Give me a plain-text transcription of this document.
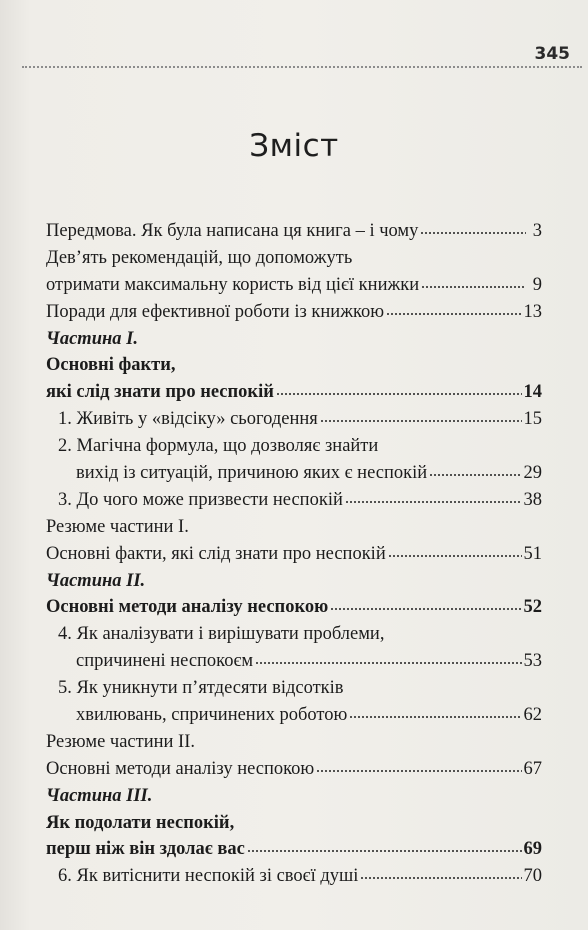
345
Зміст
Передмова. Як була написана ця книга – і чому	3
Дев’ять рекомендацій, що допоможуть
отримати максимальну користь від цієї книжки	9
Поради для ефективної роботи із книжкою	13
Частина I.
Основні факти,
які слід знати про неспокій	14
1. Живіть у «відсіку» сьогодення	15
2. Магічна формула, що дозволяє знайти
вихід із ситуацій, причиною яких є неспокій	29
3. До чого може призвести неспокій	38
Резюме частини I.
Основні факти, які слід знати про неспокій	51
Частина II.
Основні методи аналізу неспокою	52
4. Як аналізувати і вирішувати проблеми,
спричинені неспокоєм	53
5. Як уникнути п’ятдесяти відсотків
хвилювань, спричинених роботою	62
Резюме частини II.
Основні методи аналізу неспокою	67
Частина III.
Як подолати неспокій,
перш ніж він здолає вас	69
6. Як витіснити неспокій зі своєї душі	70
